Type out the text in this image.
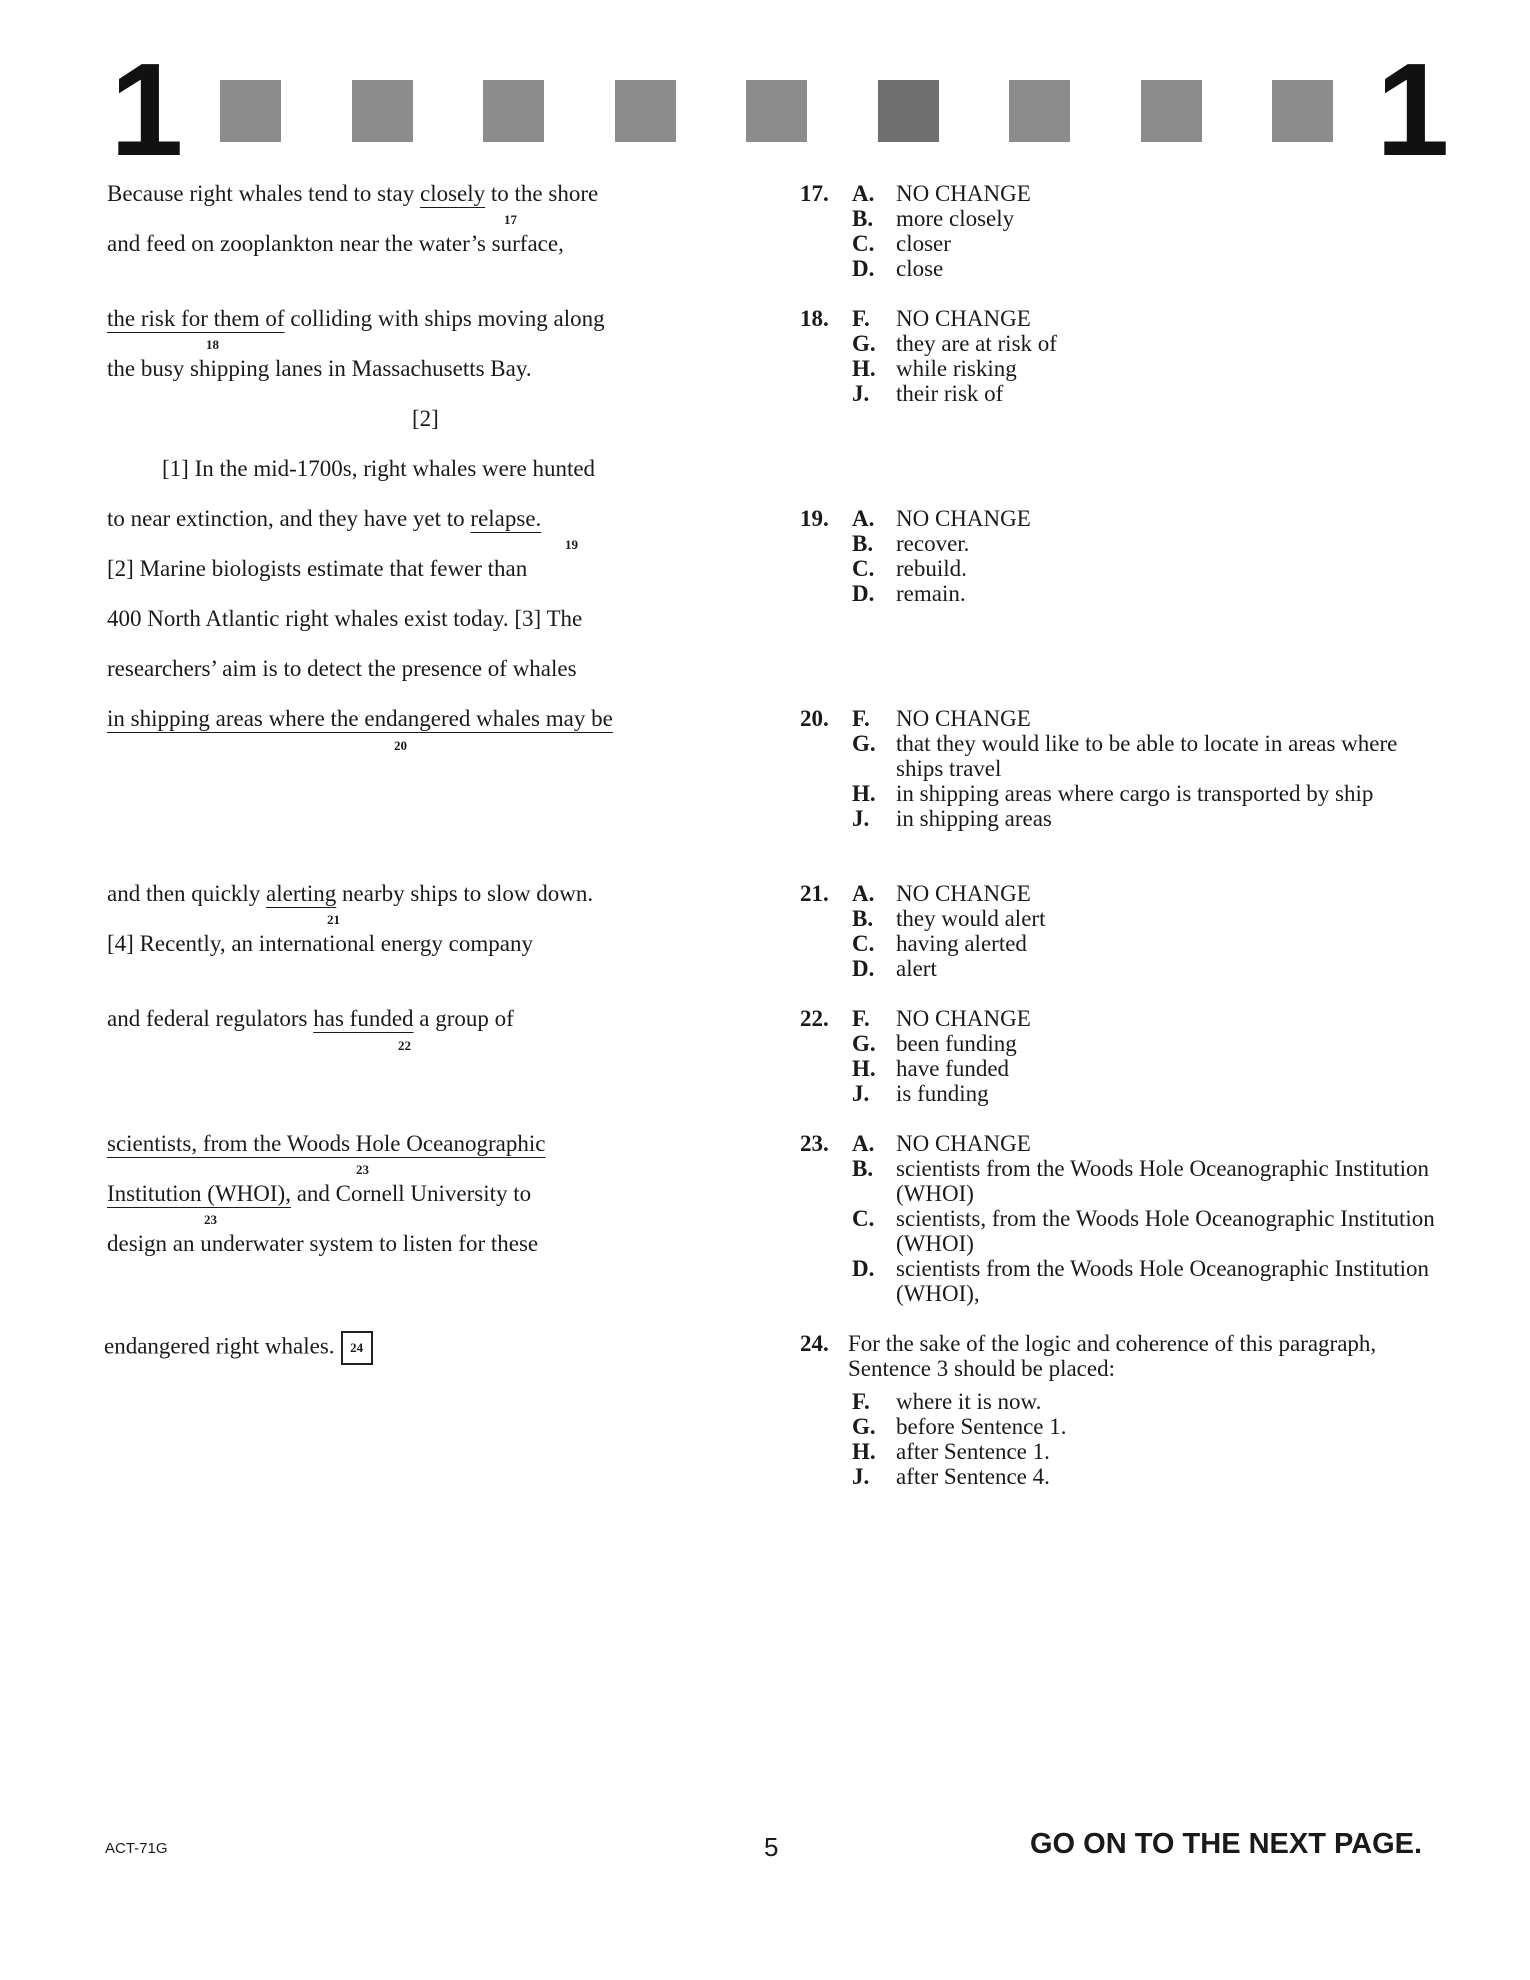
1	1
Because right whales tend to stay closely to the shore
17
and feed on zooplankton near the water’s surface,
the risk for them of colliding with ships moving along
18
the busy shipping lanes in Massachusetts Bay.
[2]
[1] In the mid-1700s, right whales were hunted
to near extinction, and they have yet to relapse.
19
[2] Marine biologists estimate that fewer than
400 North Atlantic right whales exist today. [3] The
researchers’ aim is to detect the presence of whales
in shipping areas where the endangered whales may be
20
and then quickly alerting nearby ships to slow down.
21
[4] Recently, an international energy company
and federal regulators has funded a group of
22
scientists, from the Woods Hole Oceanographic
23
Institution (WHOI), and Cornell University to
23
design an underwater system to listen for these
endangered right whales. 24
17. A. NO CHANGE
B. more closely
C. closer
D. close
18. F. NO CHANGE
G. they are at risk of
H. while risking
J. their risk of
19. A. NO CHANGE
B. recover.
C. rebuild.
D. remain.
20. F. NO CHANGE
G. that they would like to be able to locate in areas where ships travel
H. in shipping areas where cargo is transported by ship
J. in shipping areas
21. A. NO CHANGE
B. they would alert
C. having alerted
D. alert
22. F. NO CHANGE
G. been funding
H. have funded
J. is funding
23. A. NO CHANGE
B. scientists from the Woods Hole Oceanographic Institution (WHOI)
C. scientists, from the Woods Hole Oceanographic Institution (WHOI)
D. scientists from the Woods Hole Oceanographic Institution (WHOI),
24. For the sake of the logic and coherence of this paragraph, Sentence 3 should be placed:
F. where it is now.
G. before Sentence 1.
H. after Sentence 1.
J. after Sentence 4.
ACT-71G	5	GO ON TO THE NEXT PAGE.
